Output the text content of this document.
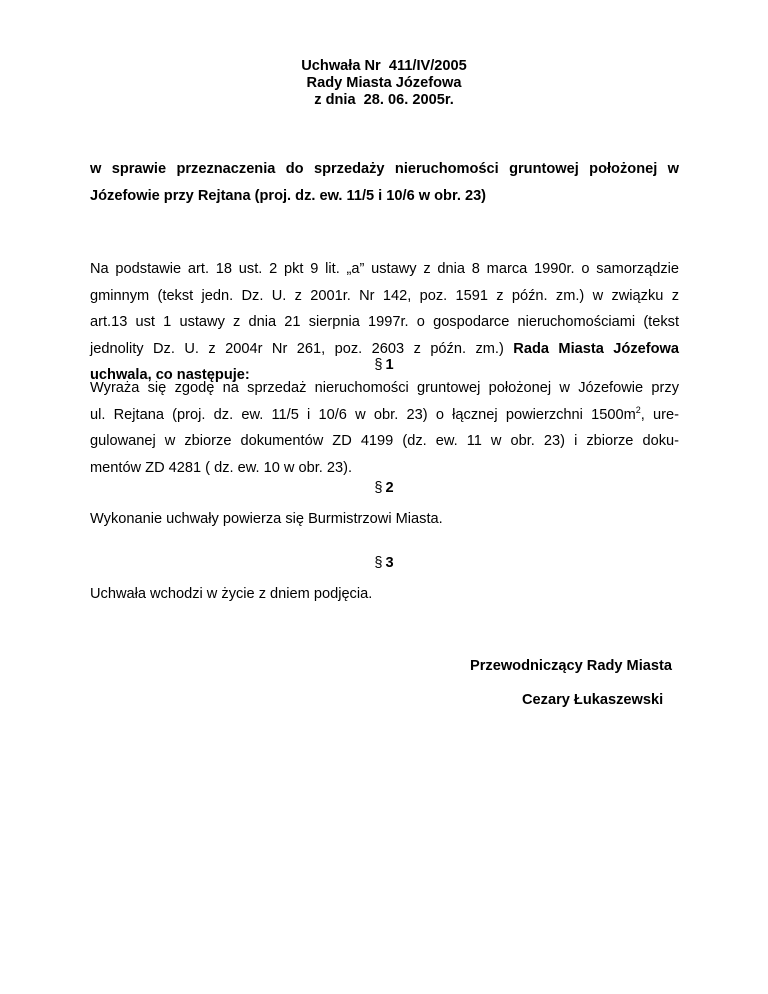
Uchwała Nr  411/IV/2005
Rady Miasta Józefowa
z dnia  28. 06. 2005r.
w sprawie przeznaczenia do sprzedaży nieruchomości gruntowej położonej w
Józefowie przy Rejtana (proj. dz. ew. 11/5 i 10/6 w obr. 23)
Na podstawie art. 18 ust. 2 pkt 9 lit. „a” ustawy z dnia 8 marca 1990r. o samorządzie
gminnym (tekst jedn. Dz. U. z 2001r. Nr 142, poz. 1591 z późn. zm.) w związku z
art.13 ust 1 ustawy z dnia 21 sierpnia 1997r. o gospodarce nieruchomościami (tekst
jednolity Dz. U. z 2004r Nr 261, poz. 2603 z późn. zm.) Rada Miasta Józefowa
uchwala, co następuje:
§ 1
Wyraża się zgodę na sprzedaż nieruchomości gruntowej położonej w Józefowie przy
ul. Rejtana (proj. dz. ew. 11/5 i 10/6 w obr. 23) o łącznej powierzchni $1500m^2$, ure-
gulowanej w zbiorze dokumentów ZD 4199 (dz. ew. 11 w obr. 23) i zbiorze doku-
mentów ZD 4281 ( dz. ew. 10 w obr. 23).
§ 2
Wykonanie uchwały powierza się Burmistrzowi Miasta.
§ 3
Uchwała wchodzi w życie z dniem podjęcia.
Przewodniczący Rady Miasta
Cezary Łukaszewski
